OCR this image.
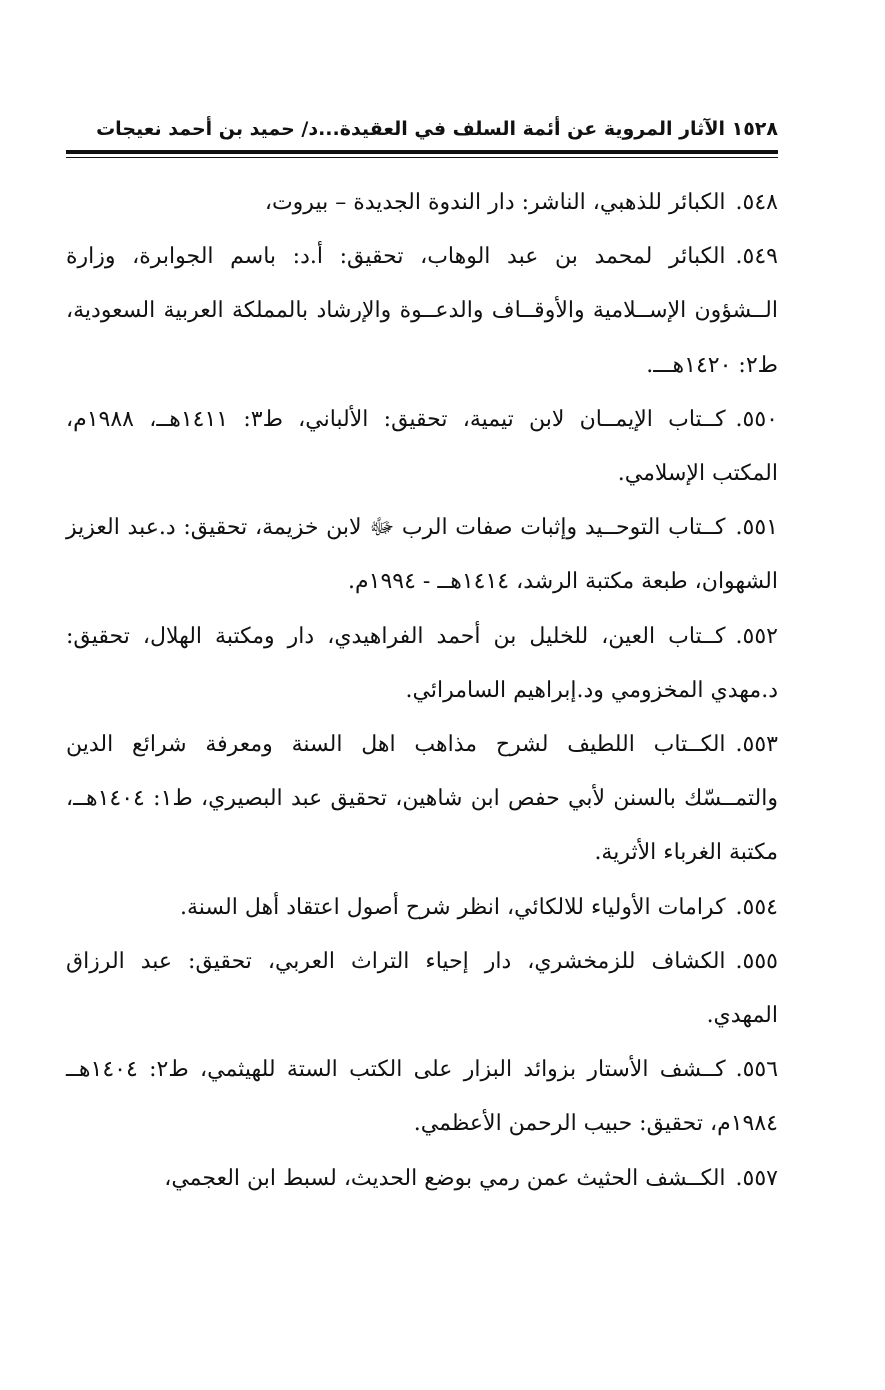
١٥٢٨ الآثار المروية عن أئمة السلف في العقيدة...د/ حميد بن أحمد نعيجات

٥٤٨.الكبائر للذهبي، الناشر: دار الندوة الجديدة – بيروت،

٥٤٩.الكبائر لمحمد بن عبد الوهاب، تحقيق: أ.د: باسم الجوابرة، وزارة الــشؤون الإســلامية والأوقــاف والدعــوة والإرشاد بالمملكة العربية السعودية، ط٢: ١٤٢٠هـــ.

٥٥٠.كــتاب الإيمــان لابن تيمية، تحقيق: الألباني، ط٣: ١٤١١هــ، ١٩٨٨م، المكتب الإسلامي.

٥٥١.كــتاب التوحــيد وإثبات صفات الرب ﷻ لابن خزيمة، تحقيق: د.عبد العزيز الشهوان، طبعة مكتبة الرشد، ١٤١٤هــ - ١٩٩٤م.

٥٥٢.كــتاب العين، للخليل بن أحمد الفراهيدي، دار ومكتبة الهلال، تحقيق: د.مهدي المخزومي ود.إبراهيم السامرائي.

٥٥٣.الكــتاب اللطيف لشرح مذاهب اهل السنة ومعرفة شرائع الدين والتمــسّك بالسنن لأبي حفص ابن شاهين، تحقيق عبد البصيري، ط١: ١٤٠٤هــ، مكتبة الغرباء الأثرية.

٥٥٤.كرامات الأولياء للالكائي، انظر شرح أصول اعتقاد أهل السنة.

٥٥٥.الكشاف للزمخشري، دار إحياء التراث العربي، تحقيق: عبد الرزاق المهدي.

٥٥٦.كــشف الأستار بزوائد البزار على الكتب الستة للهيثمي، ط٢: ١٤٠٤هــ ١٩٨٤م، تحقيق: حبيب الرحمن الأعظمي.

٥٥٧.الكــشف الحثيث عمن رمي بوضع الحديث، لسبط ابن العجمي،
